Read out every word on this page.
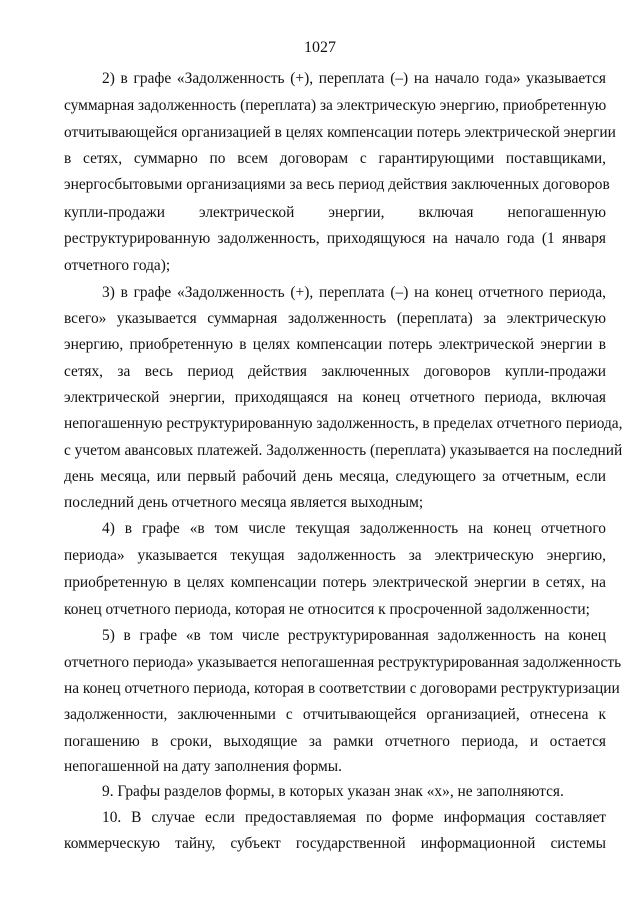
1027
2) в графе «Задолженность (+), переплата (–) на начало года» указывается
суммарная задолженность (переплата) за электрическую энергию, приобретенную
отчитывающейся организацией в целях компенсации потерь электрической энергии
в сетях, суммарно по всем договорам с гарантирующими поставщиками,
энергосбытовыми организациями за весь период действия заключенных договоров
купли-продажи электрической энергии, включая непогашенную
реструктурированную задолженность, приходящуюся на начало года (1 января
отчетного года);
3) в графе «Задолженность (+), переплата (–) на конец отчетного периода,
всего» указывается суммарная задолженность (переплата) за электрическую
энергию, приобретенную в целях компенсации потерь электрической энергии в
сетях, за весь период действия заключенных договоров купли-продажи
электрической энергии, приходящаяся на конец отчетного периода, включая
непогашенную реструктурированную задолженность, в пределах отчетного периода,
с учетом авансовых платежей. Задолженность (переплата) указывается на последний
день месяца, или первый рабочий день месяца, следующего за отчетным, если
последний день отчетного месяца является выходным;
4) в графе «в том числе текущая задолженность на конец отчетного
периода» указывается текущая задолженность за электрическую энергию,
приобретенную в целях компенсации потерь электрической энергии в сетях, на
конец отчетного периода, которая не относится к просроченной задолженности;
5) в графе «в том числе реструктурированная задолженность на конец
отчетного периода» указывается непогашенная реструктурированная задолженность
на конец отчетного периода, которая в соответствии с договорами реструктуризации
задолженности, заключенными с отчитывающейся организацией, отнесена к
погашению в сроки, выходящие за рамки отчетного периода, и остается
непогашенной на дату заполнения формы.
9. Графы разделов формы, в которых указан знак «х», не заполняются.
10. В случае если предоставляемая по форме информация составляет
коммерческую тайну, субъект государственной информационной системы
